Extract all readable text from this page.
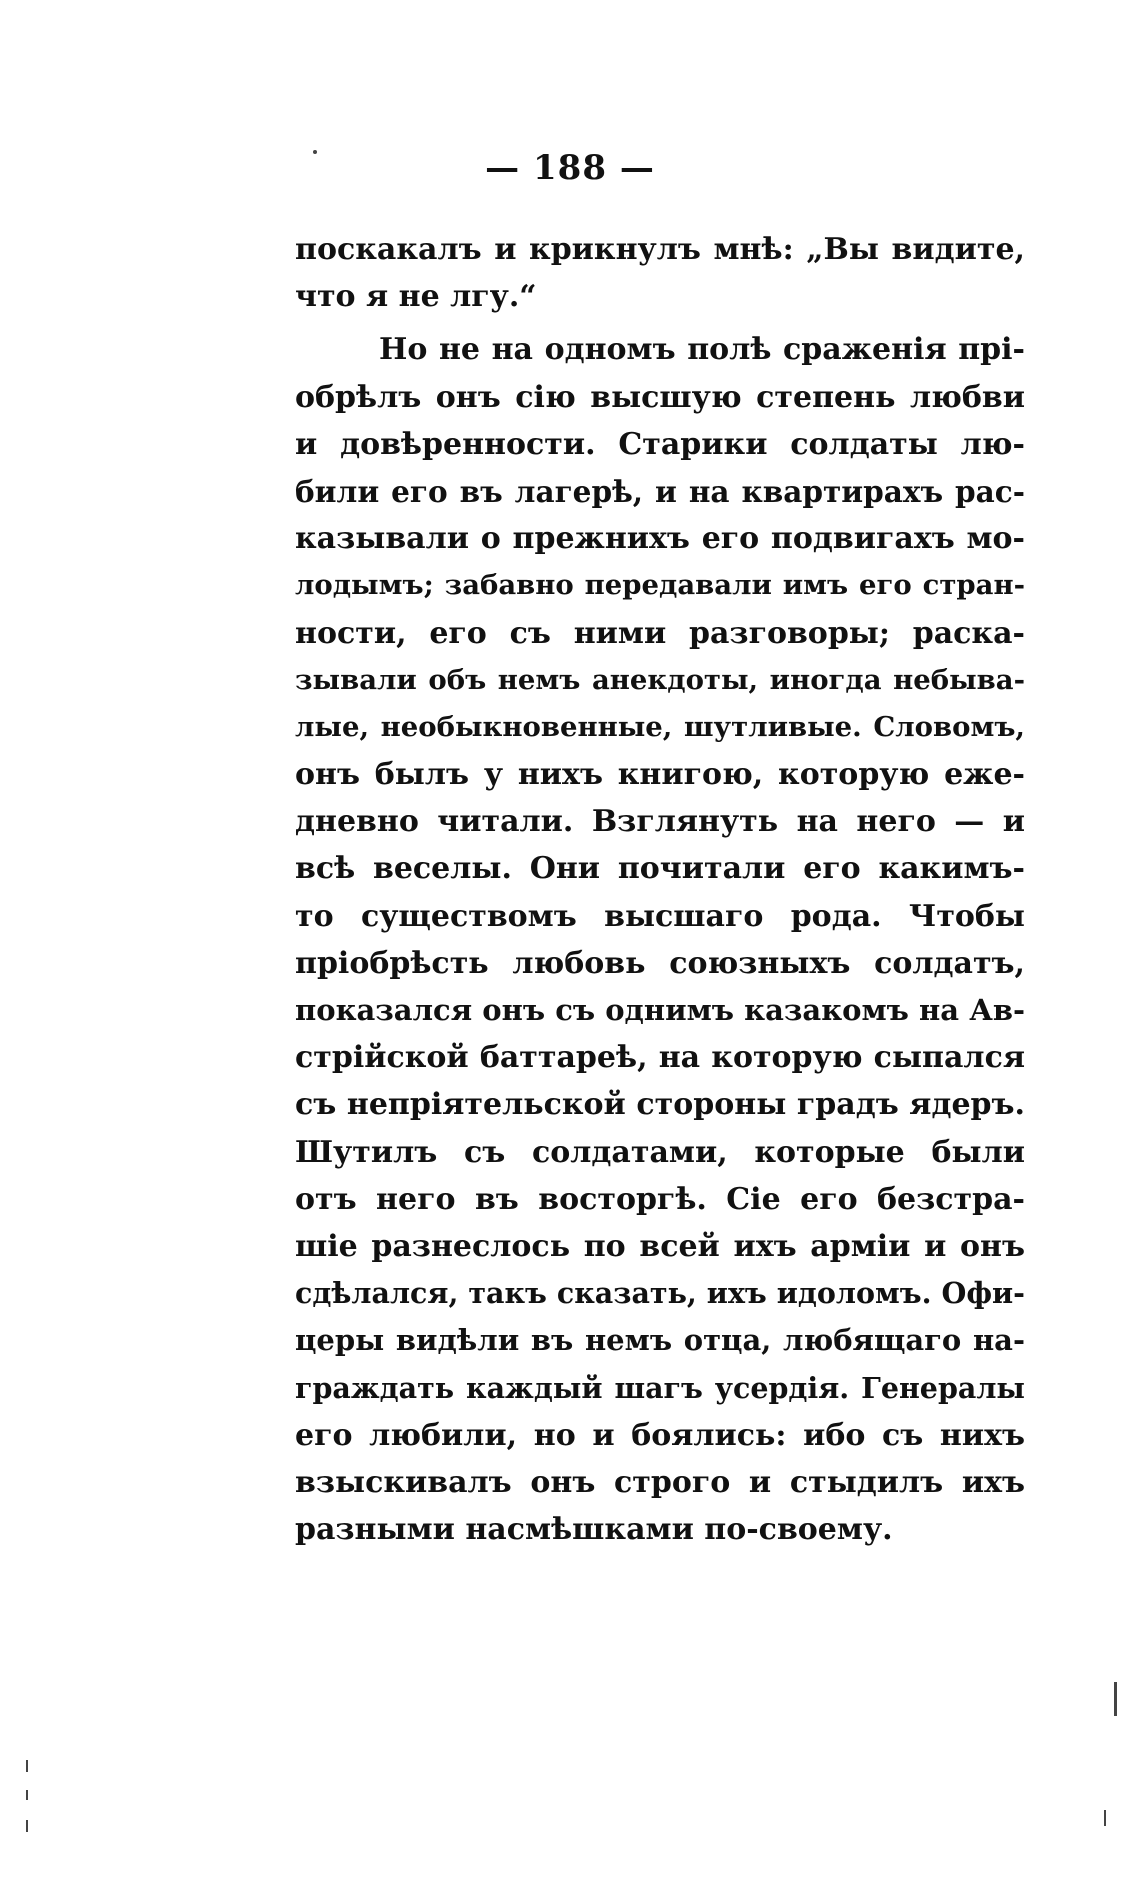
— 188 —
поскакалъ и крикнулъ мнѣ: „Вы видите,
что я не лгу.“
Но не на одномъ полѣ сраженія прі-
обрѣлъ онъ сію высшую степень любви
и довѣренности. Старики солдаты лю-
били его въ лагерѣ, и на квартирахъ рас-
казывали о прежнихъ его подвигахъ мо-
лодымъ; забавно передавали имъ его стран-
ности, его съ ними разговоры; раска-
зывали объ немъ анекдоты, иногда небыва-
лые, необыкновенные, шутливые. Словомъ,
онъ былъ у нихъ книгою, которую еже-
дневно читали. Взглянуть на него — и
всѣ веселы. Они почитали его какимъ-
то существомъ высшаго рода. Чтобы
пріобрѣсть любовь союзныхъ солдатъ,
показался онъ съ однимъ казакомъ на Ав-
стрійской баттареѣ, на которую сыпался
съ непріятельской стороны градъ ядеръ.
Шутилъ съ солдатами, которые были
отъ него въ восторгѣ. Сіе его безстра-
шіе разнеслось по всей ихъ арміи и онъ
сдѣлался, такъ сказать, ихъ идоломъ. Офи-
церы видѣли въ немъ отца, любящаго на-
граждать каждый шагъ усердія. Генералы
его любили, но и боялись: ибо съ нихъ
взыскивалъ онъ строго и стыдилъ ихъ
разными насмѣшками по-своему.
